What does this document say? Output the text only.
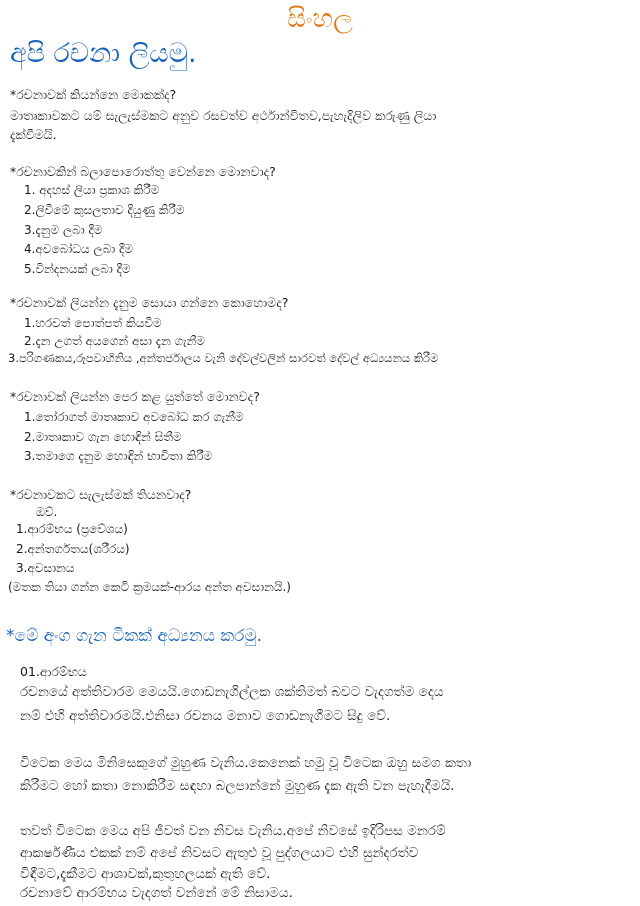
සිංහල
අපි රචනා ලියමු.
*රචනාවක් කියන්නෙ මොකක්ද?
මාතෘකාවකට යම් සැලැස්මකට අනුව රසවත්ව අර්ථාන්විතව,පැහැදිලිව කරුණු ලියා
දැක්වීමයි.
*රචනාවකින් බලාපොරොත්තු වෙන්නෙ මොනවාද?
1. අදහස් ලියා ප්‍රකාශ කිරීම
2.ලිවීමේ කුසලතාව දියුණු කිරීම
3.දැනුම ලබා දීම
4.අවබෝධය ලබා දීම
5.වින්දනයක් ලබා දීම
*රචනාවක් ලියන්න දැනුම සොයා ගන්නෙ කොහොමද?
1.හරවත් පොත්පත් කියවීම
2.දැන උගත් අයගෙන් අසා දැන ගැනීම
3.පරිගණකය,රූපවාහිනිය ,අන්තර්ජාලය වැනි දේවල්වලින් සාරවත් දේවල් අධ්‍යයනය කිරීම
*රචනාවක් ලියන්න පෙර කළ යුත්තේ මොනවද?
1.තෝරාගත් මාතෘකාව අවබෝධ කර ගැනීම
2.මාතෘකාව ගැන හොඳින් සිතීම
3.තමාගෙ දැනුම හොඳින් භාවිතා කිරීම
*රචනාවකට සැලැස්මක් තියනවාද?
ඔව්.
1.ආරම්භය (ප්‍රවේශය)
2.අන්තර්ගතය(ශරීරය)
3.අවසානය
(මතක තියා ගන්න කෙටි ක්‍රමයක්-ආරය අන්ත අවසානයි.)
*මේ අංග ගැන ටිකක් අධ්‍යනය කරමු.
01.ආරම්භය
රචනයේ අත්තිවාරම මෙයයි.ගොඩනැගිල්ලක ශක්තිමත් බවට වැදගත්ම දෙය
නම් එහි අත්තිවාරමයි.එනිසා රචනය මනාව ගොඩනැගීමට සිදු වේ.
විටෙක මෙය මිනිසෙකුගේ මුහුණ වැනිය.කෙනෙක් හමු වූ විටෙක ඔහු සමග කතා
කිරීමට හෝ කතා නොකිරීම සඳහා බලපාන්නේ මුහුණ දැක ඇති වන පැහැදීමයි.
තවත් විටෙක මෙය අපි ජීවත් වන නිවස වැනිය.අපේ නිවසේ ඉදිරිපස මනරම්
ආකර්ෂණීය එකක් නම් අපේ නිවසට ඇතුළු වූ පුද්ගලයාට එහි සුන්දරත්ව
විඳීමට,දැකීමට ආශාවක්,කුතුහලයක් ඇති වේ.
රචනාවේ ආරම්භය වැදගත් වන්නේ මේ නිසාමය.
